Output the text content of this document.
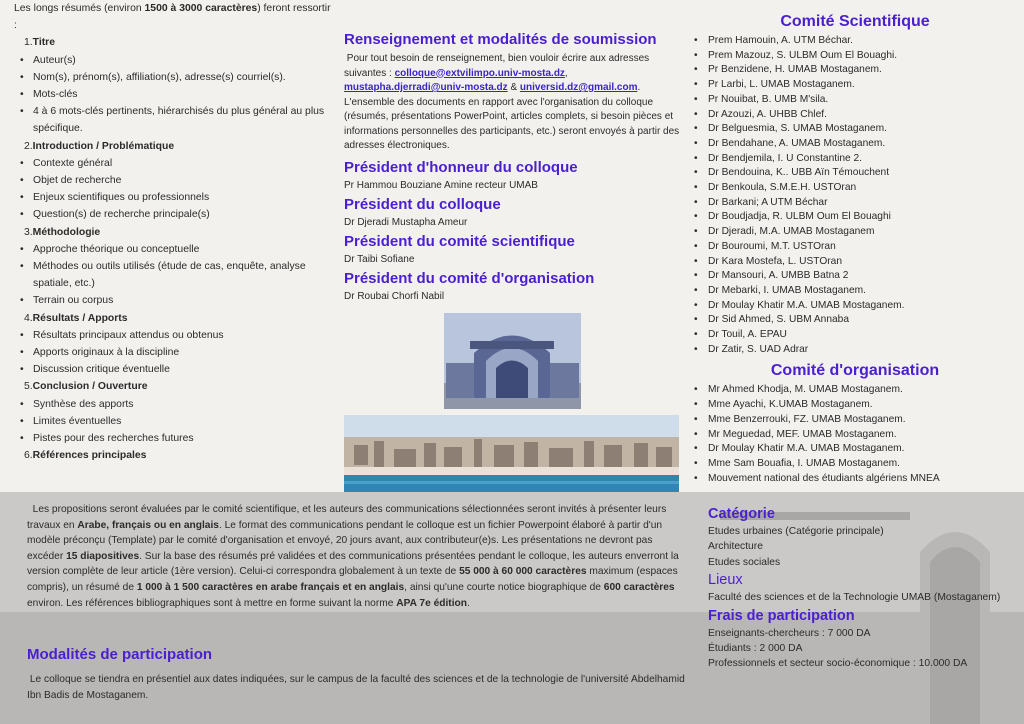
Les longs résumés (environ 1500 à 3000 caractères) feront ressortir :

1.Titre
• Auteur(s)
• Nom(s), prénom(s), affiliation(s), adresse(s) courriel(s).
• Mots-clés
• 4 à 6 mots-clés pertinents, hiérarchisés du plus général au plus spécifique.
2.Introduction / Problématique
• Contexte général
• Objet de recherche
• Enjeux scientifiques ou professionnels
• Question(s) de recherche principale(s)
3.Méthodologie
• Approche théorique ou conceptuelle
• Méthodes ou outils utilisés (étude de cas, enquête, analyse spatiale, etc.)
• Terrain ou corpus
4.Résultats / Apports
• Résultats principaux attendus ou obtenus
• Apports originaux à la discipline
• Discussion critique éventuelle
5.Conclusion / Ouverture
• Synthèse des apports
• Limites éventuelles
• Pistes pour des recherches futures
6.Références principales
Renseignement et modalités de soumission

Pour tout besoin de renseignement, bien vouloir écrire aux adresses suivantes : colloque@extvilimpo.univ-mosta.dz, mustapha.djerradi@univ-mosta.dz & universid.dz@gmail.com. L'ensemble des documents en rapport avec l'organisation du colloque (résumés, présentations PowerPoint, articles complets, si besoin pièces et informations personnelles des participants, etc.) seront envoyés à partir des adresses électroniques.

Président d'honneur du colloque
Pr Hammou Bouziane Amine recteur UMAB
Président du colloque
Dr Djeradi Mustapha Ameur
Président du comité scientifique
Dr Taibi Sofiane
Président du comité d'organisation
Dr Roubai Chorfi Nabil
Comité Scientifique
• Prem Hamouin, A. UTM Béchar.
• Prem Mazouz, S. ULBM Oum El Bouaghi.
• Pr Benzidene, H. UMAB Mostaganem.
• Pr Larbi, L. UMAB Mostaganem.
• Pr Nouibat, B. UMB M'sila.
• Dr Azouzi, A. UHBB Chlef.
• Dr Belguesmia, S. UMAB Mostaganem.
• Dr Bendahane, A. UMAB Mostaganem.
• Dr Bendjemila, I. U Constantine 2.
• Dr Bendouina, K.. UBB Aïn Témouchent
• Dr Benkoula, S.M.E.H. USTOran
• Dr Barkani; A UTM Béchar
• Dr Boudjadja, R. ULBM Oum El Bouaghi
• Dr Djeradi, M.A. UMAB Mostaganem
• Dr Bouroumi, M.T. USTOran
• Dr Kara Mostefa, L. USTOran
• Dr Mansouri, A. UMBB Batna 2
• Dr Mebarki, I. UMAB Mostaganem.
• Dr Moulay Khatir M.A. UMAB Mostaganem.
• Dr Sid Ahmed, S. UBM Annaba
• Dr Touil, A. EPAU
• Dr Zatir, S. UAD Adrar
Comité d'organisation
• Mr Ahmed Khodja, M. UMAB Mostaganem.
• Mme Ayachi, K.UMAB Mostaganem.
• Mme Benzerrouki, FZ. UMAB Mostaganem.
• Mr Meguedad, MEF. UMAB Mostaganem.
• Dr Moulay Khatir M.A. UMAB Mostaganem.
• Mme Sam Bouafia, I. UMAB Mostaganem.
• Mouvement national des étudiants algériens MNEA
Les propositions seront évaluées par le comité scientifique, et les auteurs des communications sélectionnées seront invités à présenter leurs travaux en Arabe, français ou en anglais. Le format des communications pendant le colloque est un fichier Powerpoint élaboré à partir d'un modèle préconçu (Template) par le comité d'organisation et envoyé, 20 jours avant, aux contributeur(e)s. Les présentations ne devront pas excéder 15 diapositives. Sur la base des résumés pré validées et des communications présentées pendant le colloque, les auteurs enverront la version complète de leur article (1ère version). Celui-ci correspondra globalement à un texte de 55 000 à 60 000 caractères maximum (espaces compris), un résumé de 1 000 à 1 500 caractères en arabe français et en anglais, ainsi qu'une courte notice biographique de 600 caractères environ. Les références bibliographiques sont à mettre en forme suivant la norme APA 7e édition.
Modalités de participation
Le colloque se tiendra en présentiel aux dates indiquées, sur le campus de la faculté des sciences et de la technologie de l'université Abdelhamid Ibn Badis de Mostaganem.
Catégorie
Etudes urbaines (Catégorie principale)
Architecture
Etudes sociales
Lieux
Faculté des sciences et de la Technologie UMAB (Mostaganem)
Frais de participation
Enseignants-chercheurs : 7 000 DA
Étudiants : 2 000 DA
Professionnels et secteur socio-économique : 10.000 DA
